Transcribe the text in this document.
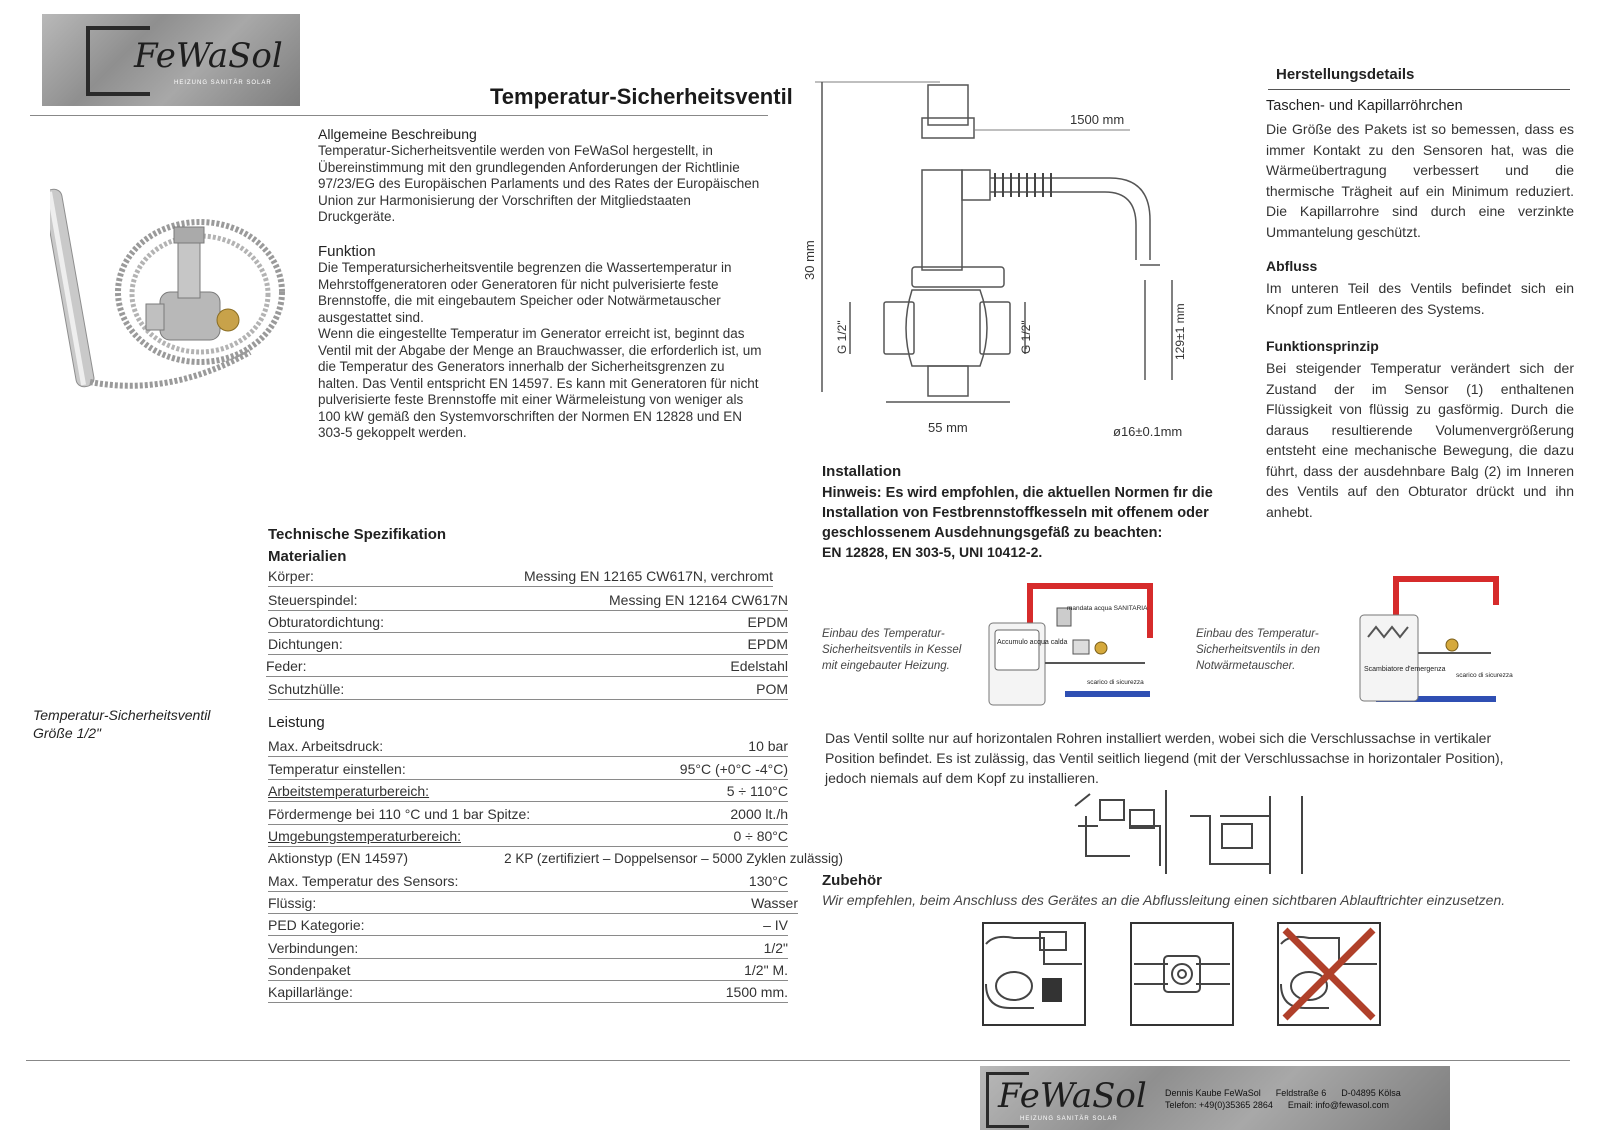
FeWaSol
HEIZUNG SANITÄR SOLAR
Temperatur-Sicherheitsventil
Allgemeine Beschreibung
Temperatur-Sicherheitsventile werden von FeWaSol hergestellt, in Übereinstimmung mit den grundlegenden Anforderungen der Richtlinie 97/23/EG des Europäischen Parlaments und des Rates der Europäischen Union zur Harmonisierung der Vorschriften der Mitgliedstaaten Druckgeräte.
Funktion
Die Temperatursicherheitsventile begrenzen die Wassertemperatur in Mehrstoffgeneratoren oder Generatoren für nicht pulverisierte feste Brennstoffe, die mit eingebautem Speicher oder Notwärmetauscher ausgestattet sind.
Wenn die eingestellte Temperatur im Generator erreicht ist, beginnt das Ventil mit der Abgabe der Menge an Brauchwasser, die erforderlich ist, um die Temperatur des Generators innerhalb der Sicherheitsgrenzen zu halten. Das Ventil entspricht EN 14597. Es kann mit Generatoren für nicht pulverisierte feste Brennstoffe mit einer Wärmeleistung von weniger als 100 kW gemäß den Systemvorschriften der Normen EN 12828 und EN 303-5 gekoppelt werden.
Temperatur-Sicherheitsventil
Größe 1/2"
Technische Spezifikation
Materialien
Körper:	Messing EN 12165 CW617N, verchromt
Steuerspindel:	Messing EN 12164 CW617N
Obturatordichtung:	EPDM
Dichtungen:	EPDM
Feder:	Edelstahl
Schutzhülle:	POM
Leistung
Max. Arbeitsdruck:	10 bar
Temperatur einstellen:	95°C (+0°C -4°C)
Arbeitstemperaturbereich:	5 ÷ 110°C
Fördermenge bei 110 °C und 1 bar Spitze:	2000 lt./h
Umgebungstemperaturbereich:	0 ÷ 80°C
Aktionstyp (EN 14597)	2 KP (zertifiziert – Doppelsensor – 5000 Zyklen zulässig)
Max. Temperatur des Sensors:	130°C
Flüssig:	Wasser
PED Kategorie:	– IV
Verbindungen:	1/2"
Sondenpaket	1/2" M.
Kapillarlänge:	1500 mm.
1500 mm
30 mm
G 1/2"	G 1/2"	129±1 mm
55 mm	ø16±0.1mm
Installation
Hinweis: Es wird empfohlen, die aktuellen Normen fır die Installation von Festbrennstoffkesseln mit offenem oder geschlossenem Ausdehnungsgefäß zu beachten:
EN 12828, EN 303-5, UNI 10412-2.
Einbau des Temperatur-Sicherheitsventils in Kessel mit eingebauter Heizung.
mandata acqua SANITARIA
Accumulo acqua calda
scarico di sicurezza
Einbau des Temperatur-Sicherheitsventils in den Notwärmetauscher.	Scambiatore d'emergenza
scarico di sicurezza
Das Ventil sollte nur auf horizontalen Rohren installiert werden, wobei sich die Verschlussachse in vertikaler Position befindet. Es ist zulässig, das Ventil seitlich liegend (mit der Verschlussachse in horizontaler Position), jedoch niemals auf dem Kopf zu installieren.
Zubehör
Wir empfehlen, beim Anschluss des Gerätes an die Abflussleitung einen sichtbaren Ablauftrichter einzusetzen.
Herstellungsdetails
Taschen- und Kapillarröhrchen
Die Größe des Pakets ist so bemessen, dass es immer Kontakt zu den Sensoren hat, was die Wärmeübertragung verbessert und die thermische Trägheit auf ein Minimum reduziert. Die Kapillarrohre sind durch eine verzinkte Ummantelung geschützt.
Abfluss
Im unteren Teil des Ventils befindet sich ein Knopf zum Entleeren des Systems.
Funktionsprinzip
Bei steigender Temperatur verändert sich der Zustand der im Sensor (1) enthaltenen Flüssigkeit von flüssig zu gasförmig. Durch die daraus resultierende Volumenvergrößerung entsteht eine mechanische Bewegung, die dazu führt, dass der ausdehnbare Balg (2) im Inneren des Ventils auf den Obturator drückt und ihn anhebt.
FeWaSol
HEIZUNG SANITÄR SOLAR
Dennis Kaube FeWaSol      Feldstraße 6      D-04895 Kölsa
Telefon: +49(0)35365 2864      Email: info@fewasol.com
